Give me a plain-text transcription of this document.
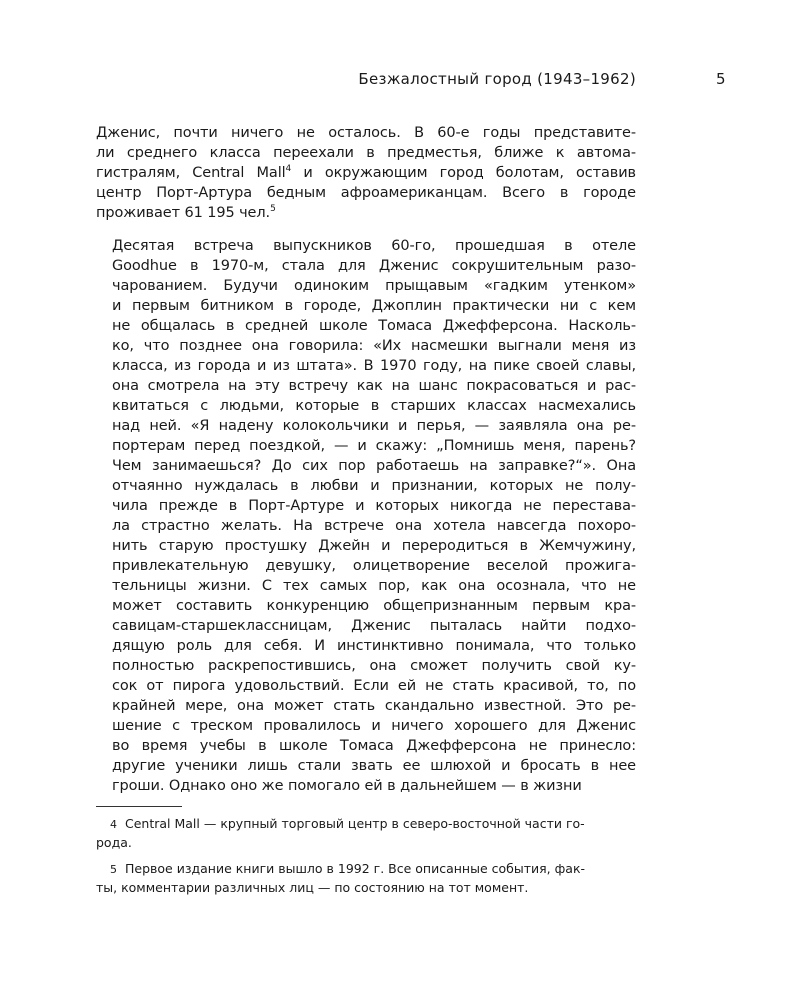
Безжалостный город (1943–1962)	5

Дженис, почти ничего не осталось. В 60-е годы представите-
ли среднего класса переехали в предместья, ближе к автома-
гистралям, Central Mall$^4$ и окружающим город болотам, оставив
центр Порт-Артура бедным афроамериканцам. Всего в городе
проживает 61 195 чел.$^5$

Десятая встреча выпускников 60-го, прошедшая в отеле
Goodhue в 1970-м, стала для Дженис сокрушительным разо-
чарованием. Будучи одиноким прыщавым «гадким утенком»
и первым битником в городе, Джоплин практически ни с кем
не общалась в средней школе Томаса Джефферсона. Насколь-
ко, что позднее она говорила: «Их насмешки выгнали меня из
класса, из города и из штата». В 1970 году, на пике своей славы,
она смотрела на эту встречу как на шанс покрасоваться и рас-
квитаться с людьми, которые в старших классах насмехались
над ней. «Я надену колокольчики и перья, — заявляла она ре-
портерам перед поездкой, — и скажу: „Помнишь меня, парень?
Чем занимаешься? До сих пор работаешь на заправке?“». Она
отчаянно нуждалась в любви и признании, которых не полу-
чила прежде в Порт-Артуре и которых никогда не перестава-
ла страстно желать. На встрече она хотела навсегда похоро-
нить старую простушку Джейн и переродиться в Жемчужину,
привлекательную девушку, олицетворение веселой прожига-
тельницы жизни. С тех самых пор, как она осознала, что не
может составить конкуренцию общепризнанным первым кра-
савицам-старшеклассницам, Дженис пыталась найти подхо-
дящую роль для себя. И инстинктивно понимала, что только
полностью раскрепостившись, она сможет получить свой ку-
сок от пирога удовольствий. Если ей не стать красивой, то, по
крайней мере, она может стать скандально известной. Это ре-
шение с треском провалилось и ничего хорошего для Дженис
во время учебы в школе Томаса Джефферсона не принесло:
другие ученики лишь стали звать ее шлюхой и бросать в нее
гроши. Однако оно же помогало ей в дальнейшем — в жизни

4 Central Mall — крупный торговый центр в северо-восточной части го-
рода.

5 Первое издание книги вышло в 1992 г. Все описанные события, фак-
ты, комментарии различных лиц — по состоянию на тот момент.
